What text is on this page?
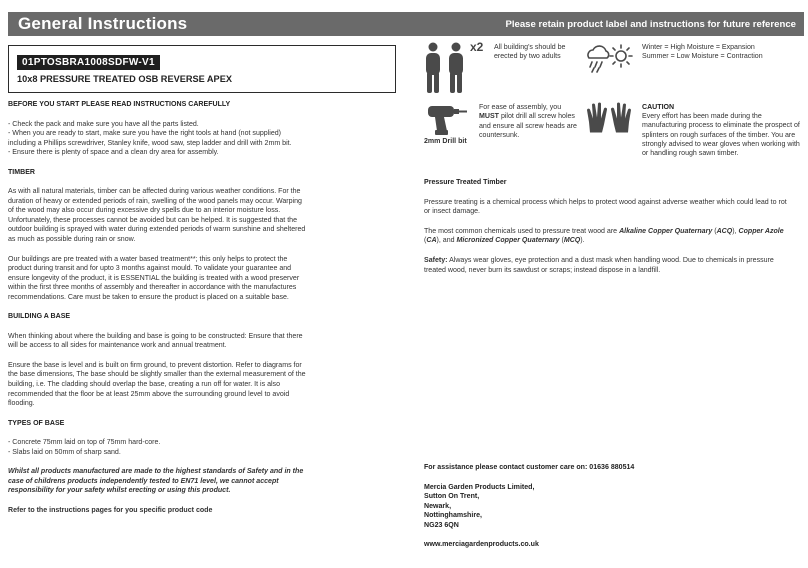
General Instructions	Please retain product label and instructions for future reference
01PTOSBRA1008SDFW-V1
10x8 PRESSURE TREATED OSB REVERSE APEX

BEFORE YOU START PLEASE READ INSTRUCTIONS CAREFULLY

- Check the pack and make sure you have all the parts listed.
- When you are ready to start, make sure you have the right tools at hand (not supplied) including a Phillips screwdriver, Stanley knife, wood saw, step ladder and drill with 2mm bit.
- Ensure there is plenty of space and a clean dry area for assembly.

TIMBER

As with all natural materials, timber can be affected during various weather conditions. For the duration of heavy or extended periods of rain, swelling of the wood panels may occur. Warping of the wood may also occur during excessive dry spells due to an interior moisture loss. Unfortunately, these processes cannot be avoided but can be helped. It is suggested that the outdoor building is sprayed with water during extended periods of warm sunshine and sheltered as much as possible during rain or snow.

Our buildings are pre treated with a water based treatment**; this only helps to protect the product during transit and for upto 3 months against mould. To validate your guarantee and ensure longevity of the product, it is ESSENTIAL the building is treated with a wood preserver within the first three months of assembly and thereafter in accordance with the manufactures recommendations. Care must be taken to ensure the product is placed on a suitable base.

BUILDING A BASE

When thinking about where the building and base is going to be constructed: Ensure that there will be access to all sides for maintenance work and annual treatment.

Ensure the base is level and is built on firm ground, to prevent distortion. Refer to diagrams for the base dimensions, The base should be slightly smaller than the external measurement of the building, i.e. The cladding should overlap the base, creating a run off for water. It is also recommended that the floor be at least 25mm above the surrounding ground level to avoid flooding.

TYPES OF BASE

- Concrete 75mm laid on top of 75mm hard-core.
- Slabs laid on 50mm of sharp sand.

Whilst all products manufactured are made to the highest standards of Safety and in the case of childrens products independently tested to EN71 level, we cannot accept responsibility for your safety whilst erecting or using this product.

Refer to the instructions pages for you specific product code

x2 All building's should be erected by two adults
Winter = High Moisture = Expansion
Summer = Low Moisture = Contraction
2mm Drill bit
For ease of assembly, you MUST pilot drill all screw holes and ensure all screw heads are countersunk.
CAUTION
Every effort has been made during the manufacturing process to eliminate the prospect of splinters on rough surfaces of the timber. You are strongly advised to wear gloves when working with or handling rough sawn timber.

Pressure Treated Timber

Pressure treating is a chemical process which helps to protect wood against adverse weather which could lead to rot or insect damage.

The most common chemicals used to pressure treat wood are Alkaline Copper Quaternary (ACQ), Copper Azole (CA), and Micronized Copper Quaternary (MCQ).

Safety: Always wear gloves, eye protection and a dust mask when handling wood. Due to chemicals in pressure treated wood, never burn its sawdust or scraps; instead dispose in a landfill.

For assistance please contact customer care on: 01636 880514
Mercia Garden Products Limited,
Sutton On Trent,
Newark,
Nottinghamshire,
NG23 6QN
www.merciagardenproducts.co.uk
